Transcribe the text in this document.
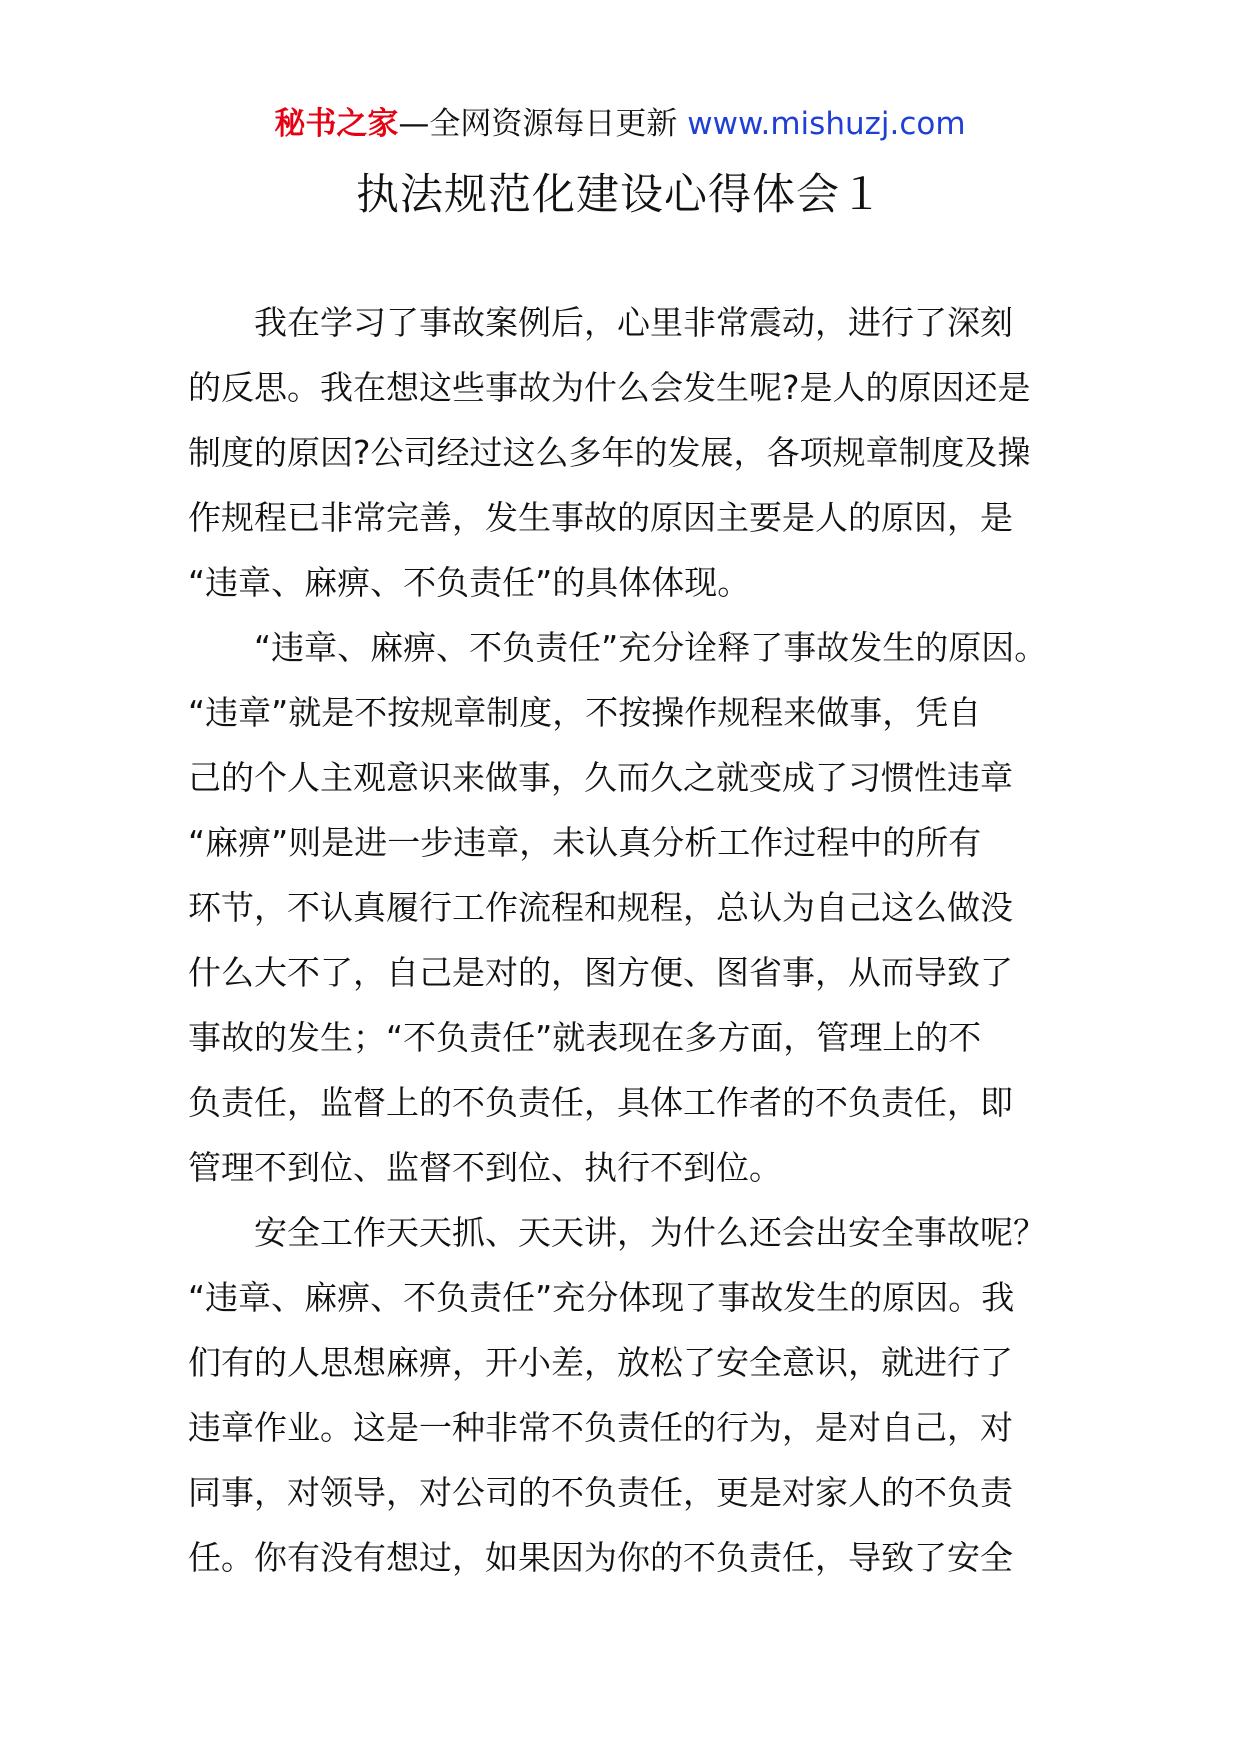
秘书之家—全网资源每日更新 www.mishuzj.com
执法规范化建设心得体会１
我在学习了事故案例后，心里非常震动，进行了深刻
的反思。我在想这些事故为什么会发生呢?是人的原因还是
制度的原因?公司经过这么多年的发展，各项规章制度及操
作规程已非常完善，发生事故的原因主要是人的原因，是
“违章、麻痹、不负责任”的具体体现。
“违章、麻痹、不负责任”充分诠释了事故发生的原因。
“违章”就是不按规章制度，不按操作规程来做事，凭自
己的个人主观意识来做事，久而久之就变成了习惯性违章
“麻痹”则是进一步违章，未认真分析工作过程中的所有
环节，不认真履行工作流程和规程，总认为自己这么做没
什么大不了，自己是对的，图方便、图省事，从而导致了
事故的发生；“不负责任”就表现在多方面，管理上的不
负责任，监督上的不负责任，具体工作者的不负责任，即
管理不到位、监督不到位、执行不到位。
安全工作天天抓、天天讲，为什么还会出安全事故呢？
“违章、麻痹、不负责任”充分体现了事故发生的原因。我
们有的人思想麻痹，开小差，放松了安全意识，就进行了
违章作业。这是一种非常不负责任的行为，是对自己，对
同事，对领导，对公司的不负责任，更是对家人的不负责
任。你有没有想过，如果因为你的不负责任，导致了安全
